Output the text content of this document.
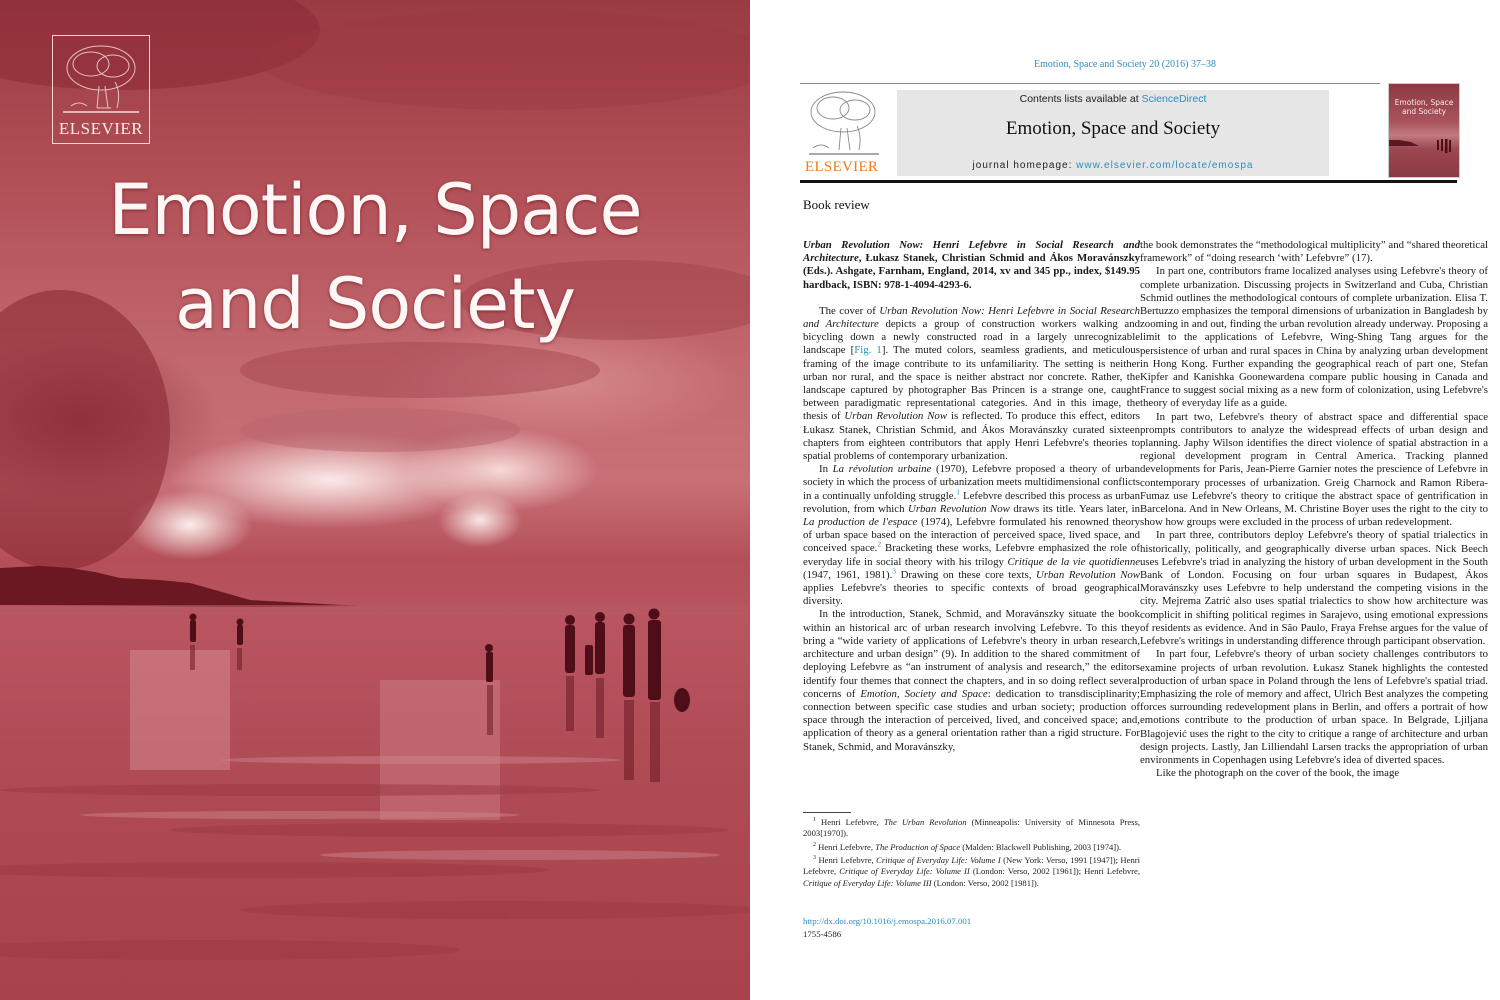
ELSEVIER
Emotion, Space
and Society
Emotion, Space and Society 20 (2016) 37–38
ELSEVIER
Contents lists available at ScienceDirect
Emotion, Space and Society
journal homepage: www.elsevier.com/locate/emospa
Emotion, Space and Society
Book review

Urban Revolution Now: Henri Lefebvre in Social Research and Architecture, Łukasz Stanek, Christian Schmid and Ákos Moravánszky (Eds.). Ashgate, Farnham, England, 2014, xv and 345 pp., index, $149.95 hardback, ISBN: 978-1-4094-4293-6.

The cover of Urban Revolution Now: Henri Lefebvre in Social Research and Architecture depicts a group of construction workers walking and bicycling down a newly constructed road in a largely unrecognizable landscape [Fig. 1]. The muted colors, seamless gradients, and meticulous framing of the image contribute to its unfamiliarity. The setting is neither urban nor rural, and the space is neither abstract nor concrete. Rather, the landscape captured by photographer Bas Princen is a strange one, caught between paradigmatic representational categories. And in this image, the thesis of Urban Revolution Now is reflected. To produce this effect, editors Łukasz Stanek, Christian Schmid, and Ákos Moravánszky curated sixteen chapters from eighteen contributors that apply Henri Lefebvre's theories to spatial problems of contemporary urbanization.

In La révolution urbaine (1970), Lefebvre proposed a theory of urban society in which the process of urbanization meets multidimensional conflicts in a continually unfolding struggle.$^1$ Lefebvre described this process as urban revolution, from which Urban Revolution Now draws its title. Years later, in La production de l'espace (1974), Lefebvre formulated his renowned theory of urban space based on the interaction of perceived space, lived space, and conceived space.$^2$ Bracketing these works, Lefebvre emphasized the role of everyday life in social theory with his trilogy Critique de la vie quotidienne (1947, 1961, 1981).$^3$ Drawing on these core texts, Urban Revolution Now applies Lefebvre's theories to specific contexts of broad geographical diversity.

In the introduction, Stanek, Schmid, and Moravánszky situate the book within an historical arc of urban research involving Lefebvre. To this they bring a “wide variety of applications of Lefebvre's theory in urban research, architecture and urban design” (9). In addition to the shared commitment of deploying Lefebvre as “an instrument of analysis and research,” the editors identify four themes that connect the chapters, and in so doing reflect several concerns of Emotion, Society and Space: dedication to transdisciplinarity; connection between specific case studies and urban society; production of space through the interaction of perceived, lived, and conceived space; and, application of theory as a general orientation rather than a rigid structure. For Stanek, Schmid, and Moravánszky,

$^1$ Henri Lefebvre, The Urban Revolution (Minneapolis: University of Minnesota Press, 2003[1970]).

$^2$ Henri Lefebvre, The Production of Space (Malden: Blackwell Publishing, 2003 [1974]).

$^3$ Henri Lefebvre, Critique of Everyday Life: Volume I (New York: Verso, 1991 [1947]); Henri Lefebvre, Critique of Everyday Life: Volume II (London: Verso, 2002 [1961]); Henri Lefebvre, Critique of Everyday Life: Volume III (London: Verso, 2002 [1981]).

http://dx.doi.org/10.1016/j.emospa.2016.07.001
1755-4586

the book demonstrates the “methodological multiplicity” and “shared theoretical framework” of “doing research ‘with’ Lefebvre” (17).

In part one, contributors frame localized analyses using Lefebvre's theory of complete urbanization. Discussing projects in Switzerland and Cuba, Christian Schmid outlines the methodological contours of complete urbanization. Elisa T. Bertuzzo emphasizes the temporal dimensions of urbanization in Bangladesh by zooming in and out, finding the urban revolution already underway. Proposing a limit to the applications of Lefebvre, Wing-Shing Tang argues for the persistence of urban and rural spaces in China by analyzing urban development in Hong Kong. Further expanding the geographical reach of part one, Stefan Kipfer and Kanishka Goonewardena compare public housing in Canada and France to suggest social mixing as a new form of colonization, using Lefebvre's theory of everyday life as a guide.

In part two, Lefebvre's theory of abstract space and differential space prompts contributors to analyze the widespread effects of urban design and planning. Japhy Wilson identifies the direct violence of spatial abstraction in a regional development program in Central America. Tracking planned developments for Paris, Jean-Pierre Garnier notes the prescience of Lefebvre in contemporary processes of urbanization. Greig Charnock and Ramon Ribera-Fumaz use Lefebvre's theory to critique the abstract space of gentrification in Barcelona. And in New Orleans, M. Christine Boyer uses the right to the city to show how groups were excluded in the process of urban redevelopment.

In part three, contributors deploy Lefebvre's theory of spatial trialectics in historically, politically, and geographically diverse urban spaces. Nick Beech uses Lefebvre's triad in analyzing the history of urban development in the South Bank of London. Focusing on four urban squares in Budapest, Ákos Moravánszky uses Lefebvre to help understand the competing visions in the city. Mejrema Zatrić also uses spatial trialectics to show how architecture was complicit in shifting political regimes in Sarajevo, using emotional expressions of residents as evidence. And in São Paulo, Fraya Frehse argues for the value of Lefebvre's writings in understanding difference through participant observation.

In part four, Lefebvre's theory of urban society challenges contributors to examine projects of urban revolution. Łukasz Stanek highlights the contested production of urban space in Poland through the lens of Lefebvre's spatial triad. Emphasizing the role of memory and affect, Ulrich Best analyzes the competing forces surrounding redevelopment plans in Berlin, and offers a portrait of how emotions contribute to the production of urban space. In Belgrade, Ljiljana Blagojević uses the right to the city to critique a range of architecture and urban design projects. Lastly, Jan Lilliendahl Larsen tracks the appropriation of urban environments in Copenhagen using Lefebvre's idea of diverted spaces.

Like the photograph on the cover of the book, the image
